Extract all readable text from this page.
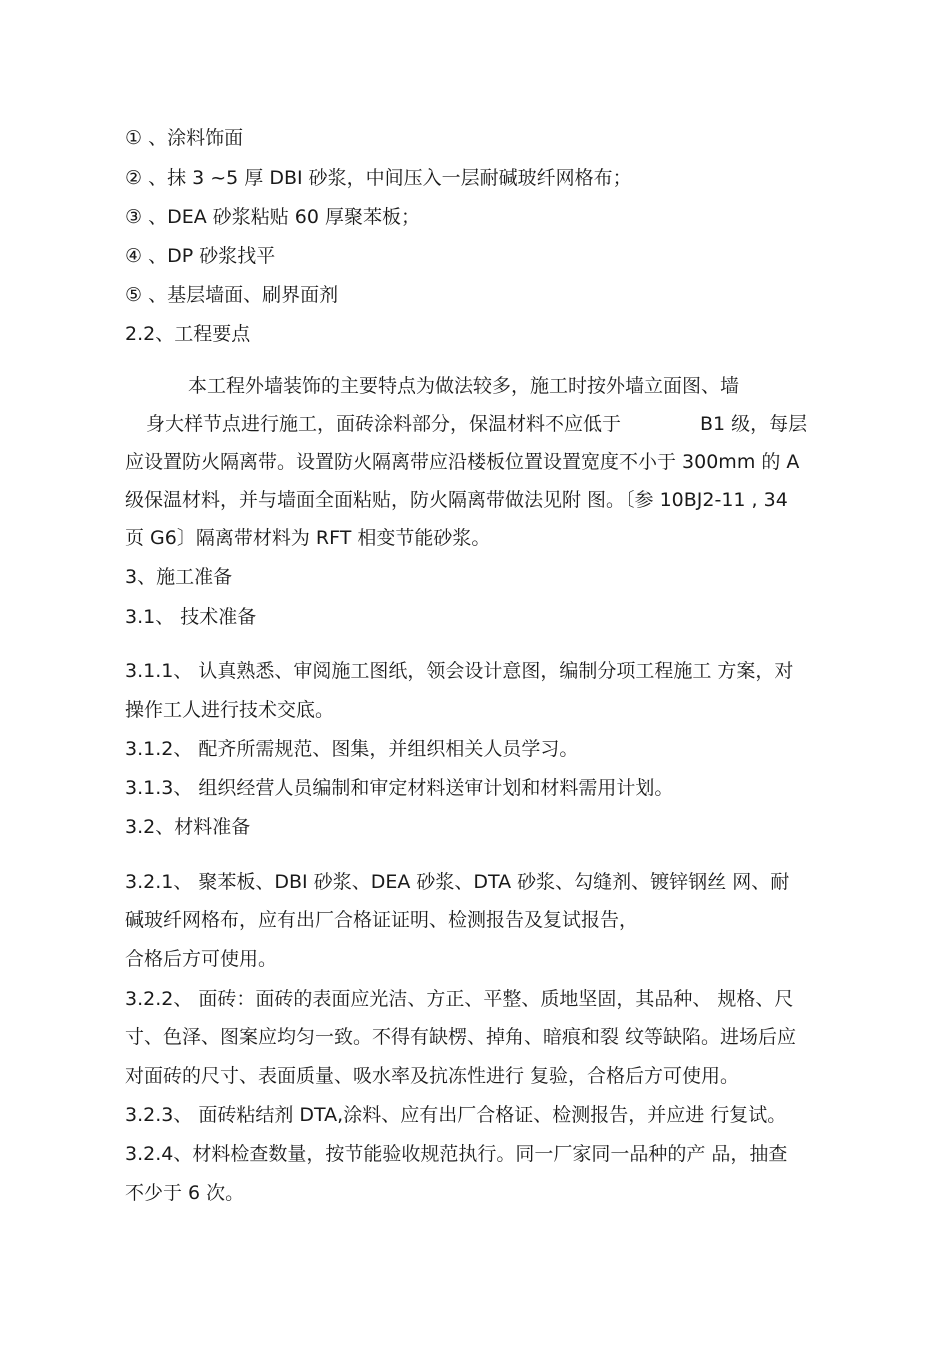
① 、涂料饰面
② 、抹 3 ~5 厚 DBI 砂浆，中间压入一层耐碱玻纤网格布；
③ 、DEA 砂浆粘贴 60 厚聚苯板；
④ 、DP 砂浆找平
⑤ 、基层墙面、刷界面剂
2.2、工程要点
本工程外墙装饰的主要特点为做法较多，施工时按外墙立面图、墙
身大样节点进行施工，面砖涂料部分，保温材料不应低于	B1 级，每层
应设置防火隔离带。设置防火隔离带应沿楼板位置设置宽度不小于 300mm 的 A
级保温材料，并与墙面全面粘贴，防火隔离带做法见附 图。〔参 10BJ2-11 , 34
页 G6〕隔离带材料为 RFT 相变节能砂浆。
3、施工准备
3.1、 技术准备
3.1.1、 认真熟悉、审阅施工图纸，领会设计意图，编制分项工程施工 方案，对
操作工人进行技术交底。
3.1.2、 配齐所需规范、图集，并组织相关人员学习。
3.1.3、 组织经营人员编制和审定材料送审计划和材料需用计划。
3.2、材料准备
3.2.1、 聚苯板、DBI 砂浆、DEA 砂浆、DTA 砂浆、勾缝剂、镀锌钢丝 网、耐
碱玻纤网格布，应有出厂合格证证明、检测报告及复试报告，
合格后方可使用。
3.2.2、 面砖：面砖的表面应光洁、方正、平整、质地坚固，其品种、 规格、尺
寸、色泽、图案应均匀一致。不得有缺楞、掉角、暗痕和裂 纹等缺陷。进场后应
对面砖的尺寸、表面质量、吸水率及抗冻性进行 复验，合格后方可使用。
3.2.3、 面砖粘结剂 DTA,涂料、应有出厂合格证、检测报告，并应进 行复试。
3.2.4、材料检查数量，按节能验收规范执行。同一厂家同一品种的产 品，抽查
不少于 6 次。
